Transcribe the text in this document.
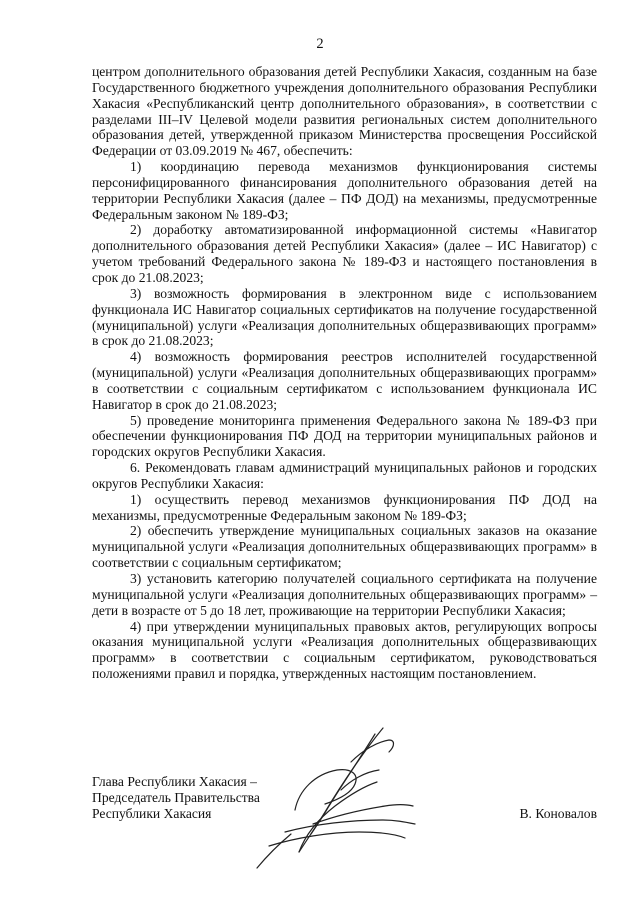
2

центром дополнительного образования детей Республики Хакасия, созданным на базе Государственного бюджетного учреждения дополнительного образования Республики Хакасия «Республиканский центр дополнительного образования», в соответствии с разделами III–IV Целевой модели развития региональных систем дополнительного образования детей, утвержденной приказом Министерства просвещения Российской Федерации от 03.09.2019 № 467, обеспечить:

1) координацию перевода механизмов функционирования системы персонифицированного финансирования дополнительного образования детей на территории Республики Хакасия (далее – ПФ ДОД) на механизмы, предусмотренные Федеральным законом № 189-ФЗ;

2) доработку автоматизированной информационной системы «Навигатор дополнительного образования детей Республики Хакасия» (далее – ИС Навигатор) с учетом требований Федерального закона № 189-ФЗ и настоящего постановления в срок до 21.08.2023;

3) возможность формирования в электронном виде с использованием функционала ИС Навигатор социальных сертификатов на получение государственной (муниципальной) услуги «Реализация дополнительных общеразвивающих программ» в срок до 21.08.2023;

4) возможность формирования реестров исполнителей государственной (муниципальной) услуги «Реализация дополнительных общеразвивающих программ» в соответствии с социальным сертификатом с использованием функционала ИС Навигатор в срок до 21.08.2023;

5) проведение мониторинга применения Федерального закона № 189-ФЗ при обеспечении функционирования ПФ ДОД на территории муниципальных районов и городских округов Республики Хакасия.

6. Рекомендовать главам администраций муниципальных районов и городских округов Республики Хакасия:

1) осуществить перевод механизмов функционирования ПФ ДОД на механизмы, предусмотренные Федеральным законом № 189-ФЗ;

2) обеспечить утверждение муниципальных социальных заказов на оказание муниципальной услуги «Реализация дополнительных общеразвивающих программ» в соответствии с социальным сертификатом;

3) установить категорию получателей социального сертификата на получение муниципальной услуги «Реализация дополнительных общеразвивающих программ» – дети в возрасте от 5 до 18 лет, проживающие на территории Республики Хакасия;

4) при утверждении муниципальных правовых актов, регулирующих вопросы оказания муниципальной услуги «Реализация дополнительных общеразвивающих программ» в соответствии с социальным сертификатом, руководствоваться положениями правил и порядка, утвержденных настоящим постановлением.

Глава Республики Хакасия –
Председатель Правительства
Республики Хакасия	В. Коновалов
